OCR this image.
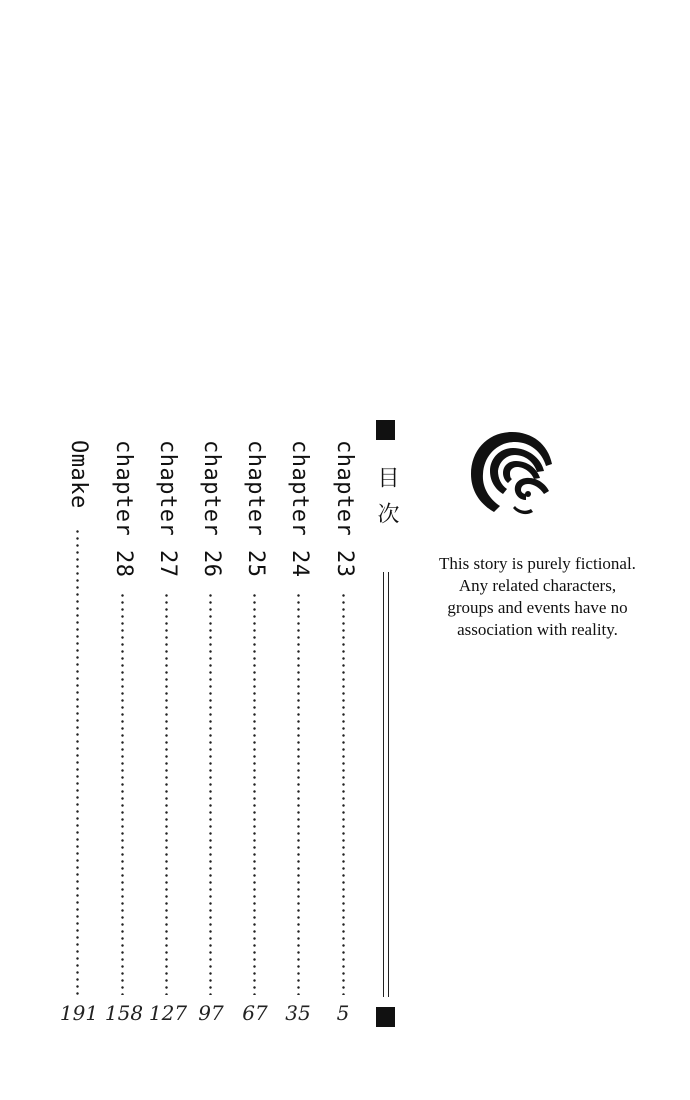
目次
chapter 23
chapter 24
chapter 25
chapter 26
chapter 27
chapter 28
Omake
5
35
67
97
127
158
191
This story is purely fictional.
Any related characters,
groups and events have no
association with reality.
